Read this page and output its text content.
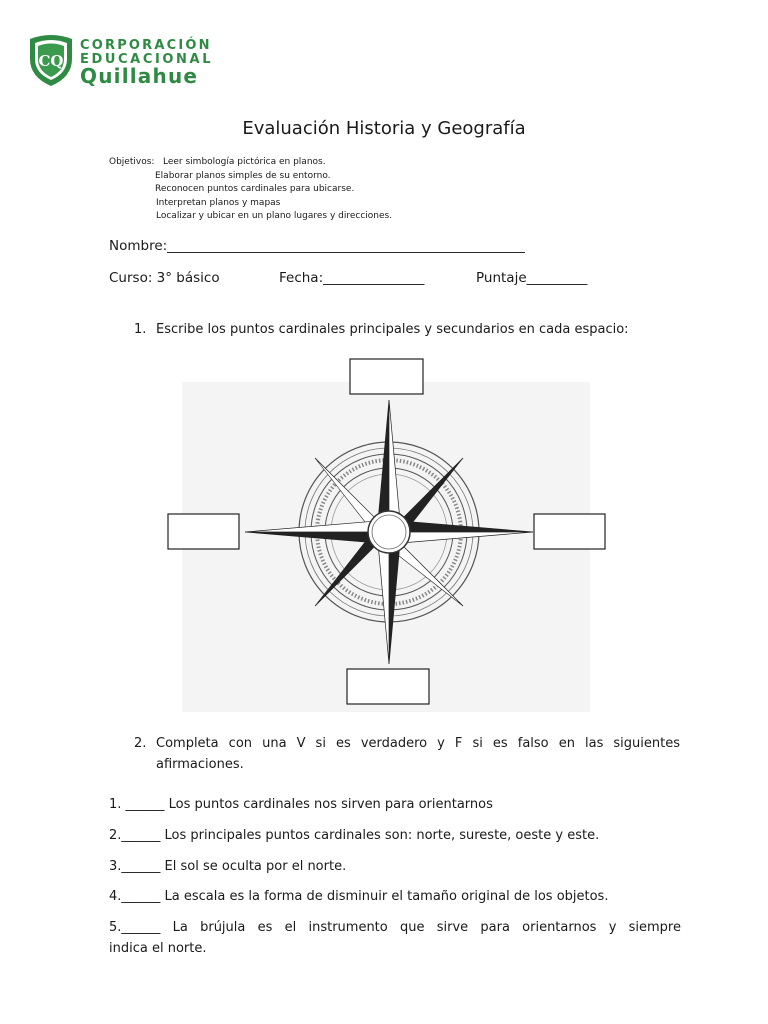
CQ
CORPORACIÓN
EDUCACIONAL
Quillahue
Evaluación Historia y Geografía
Objetivos: Leer simbología pictórica en planos.
Elaborar planos simples de su entorno.
Reconocen puntos cardinales para ubicarse.
Interpretan planos y mapas
Localizar y ubicar en un plano lugares y direcciones.
Nombre:_____________________________________________________
Curso: 3° básico	Fecha:_______________	Puntaje_________
1. Escribe los puntos cardinales principales y secundarios en cada espacio:
2. Completa con una V si es verdadero y F si es falso en las siguientes
afirmaciones.
1. ______ Los puntos cardinales nos sirven para orientarnos
2.______ Los principales puntos cardinales son: norte, sureste, oeste y este.
3.______ El sol se oculta por el norte.
4.______ La escala es la forma de disminuir el tamaño original de los objetos.
5.______ La brújula es el instrumento que sirve para orientarnos y siempre
indica el norte.
